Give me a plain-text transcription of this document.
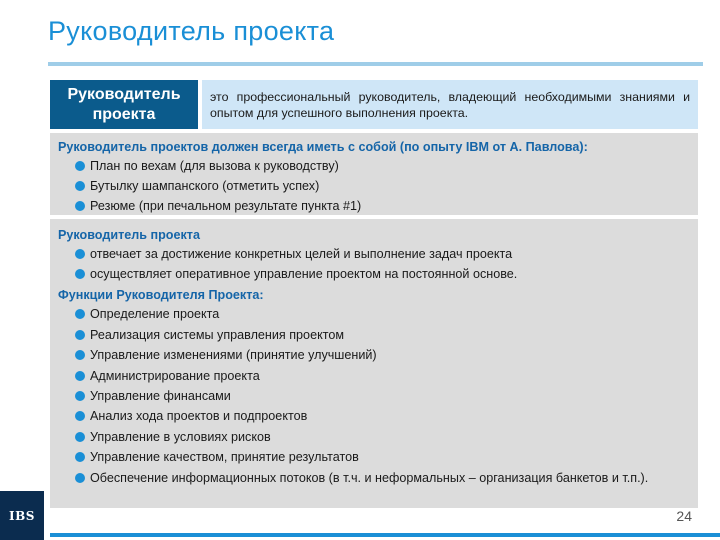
Руководитель проекта
Руководитель проекта
это профессиональный руководитель, владеющий необходимыми знаниями и опытом для успешного выполнения проекта.
Руководитель проектов должен всегда иметь с собой (по опыту IBM от А. Павлова):
План по вехам (для вызова к руководству)
Бутылку шампанского (отметить успех)
Резюме (при печальном результате пункта #1)
Руководитель проекта
отвечает за достижение конкретных целей и выполнение задач проекта
осуществляет оперативное управление проектом на постоянной основе.
Функции Руководителя Проекта:
Определение проекта
Реализация системы управления проектом
Управление изменениями (принятие улучшений)
Администрирование проекта
Управление финансами
Анализ хода проектов и подпроектов
Управление в условиях рисков
Управление качеством, принятие результатов
Обеспечение информационных потоков (в т.ч. и неформальных – организация банкетов и т.п.).
IBS	24
